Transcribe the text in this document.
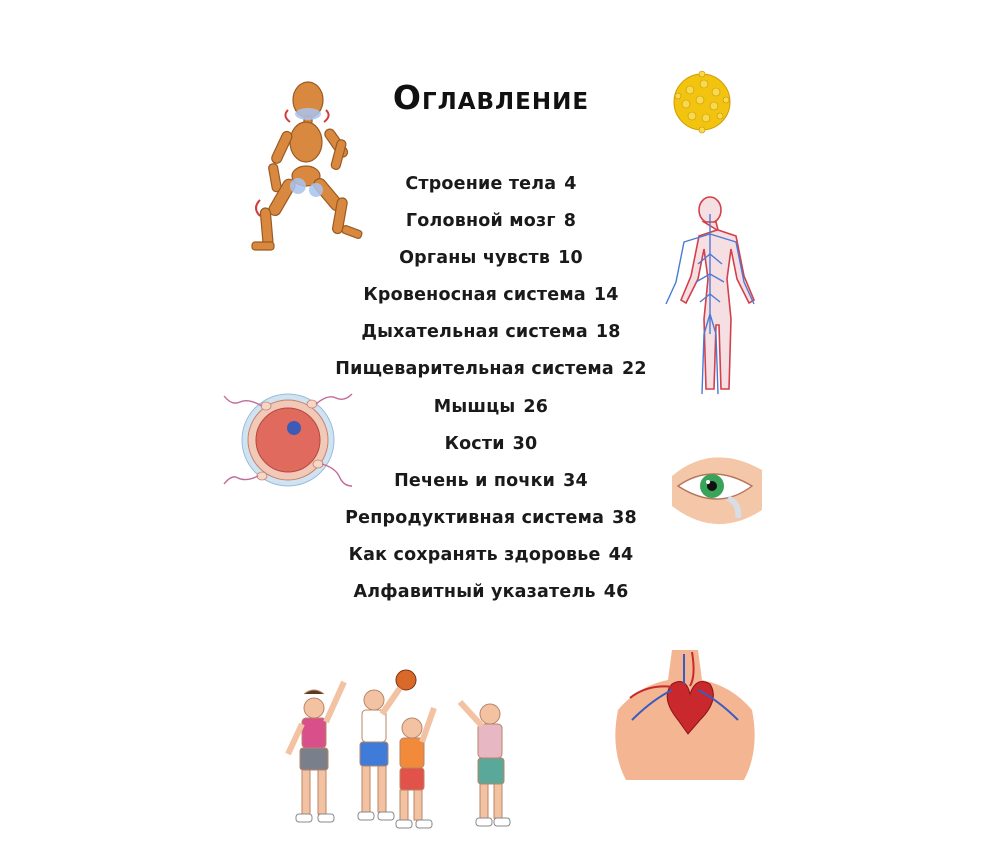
Оглавление
Строение тела 4
Головной мозг 8
Органы чувств 10
Кровеносная система 14
Дыхательная система 18
Пищеварительная система 22
Мышцы 26
Кости 30
Печень и почки 34
Репродуктивная система 38
Как сохранять здоровье 44
Алфавитный указатель 46
